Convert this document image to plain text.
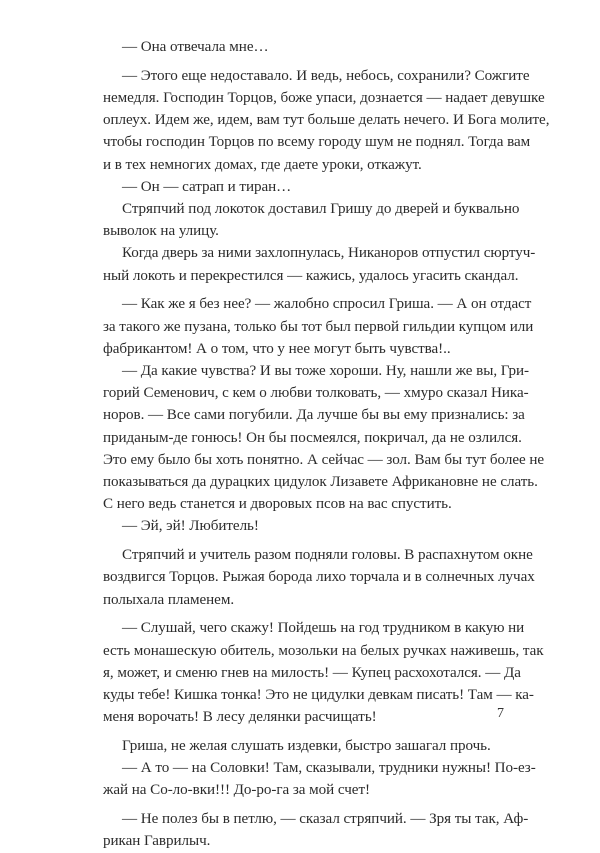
— Она отвечала мне…
— Этого еще недоставало. И ведь, небось, сохранили? Сожгите
немедля. Господин Торцов, боже упаси, дознается — надает девушке
оплеух. Идем же, идем, вам тут больше делать нечего. И Бога молите,
чтобы господин Торцов по всему городу шум не поднял. Тогда вам
и в тех немногих домах, где даете уроки, откажут.
— Он — сатрап и тиран…
Стряпчий под локоток доставил Гришу до дверей и буквально
выволок на улицу.
Когда дверь за ними захлопнулась, Никаноров отпустил сюртуч-
ный локоть и перекрестился — кажись, удалось угасить скандал.
— Как же я без нее? — жалобно спросил Гриша. — А он отдаст
за такого же пузана, только бы тот был первой гильдии купцом или
фабрикантом! А о том, что у нее могут быть чувства!..
— Да какие чувства? И вы тоже хороши. Ну, нашли же вы, Гри-
горий Семенович, с кем о любви толковать, — хмуро сказал Ника-
норов. — Все сами погубили. Да лучше бы вы ему признались: за
приданым-де гонюсь! Он бы посмеялся, покричал, да не озлился.
Это ему было бы хоть понятно. А сейчас — зол. Вам бы тут более не
показываться да дурацких цидулок Лизавете Африкановне не слать.
С него ведь станется и дворовых псов на вас спустить.
— Эй, эй! Любитель!
Стряпчий и учитель разом подняли головы. В распахнутом окне
воздвигся Торцов. Рыжая борода лихо торчала и в солнечных лучах
полыхала пламенем.
— Слушай, чего скажу! Пойдешь на год трудником в какую ни
есть монашескую обитель, мозольки на белых ручках наживешь, так
я, может, и сменю гнев на милость! — Купец расхохотался. — Да
куды тебе! Кишка тонка! Это не цидулки девкам писать! Там — ка-
меня ворочать! В лесу делянки расчищать!
Гриша, не желая слушать издевки, быстро зашагал прочь.
— А то — на Соловки! Там, сказывали, трудники нужны! По-ез-
жай на Со-ло-вки!!! До-ро-га за мой счет!
— Не полез бы в петлю, — сказал стряпчий. — Зря ты так, Аф-
рикан Гаврилыч.
7
